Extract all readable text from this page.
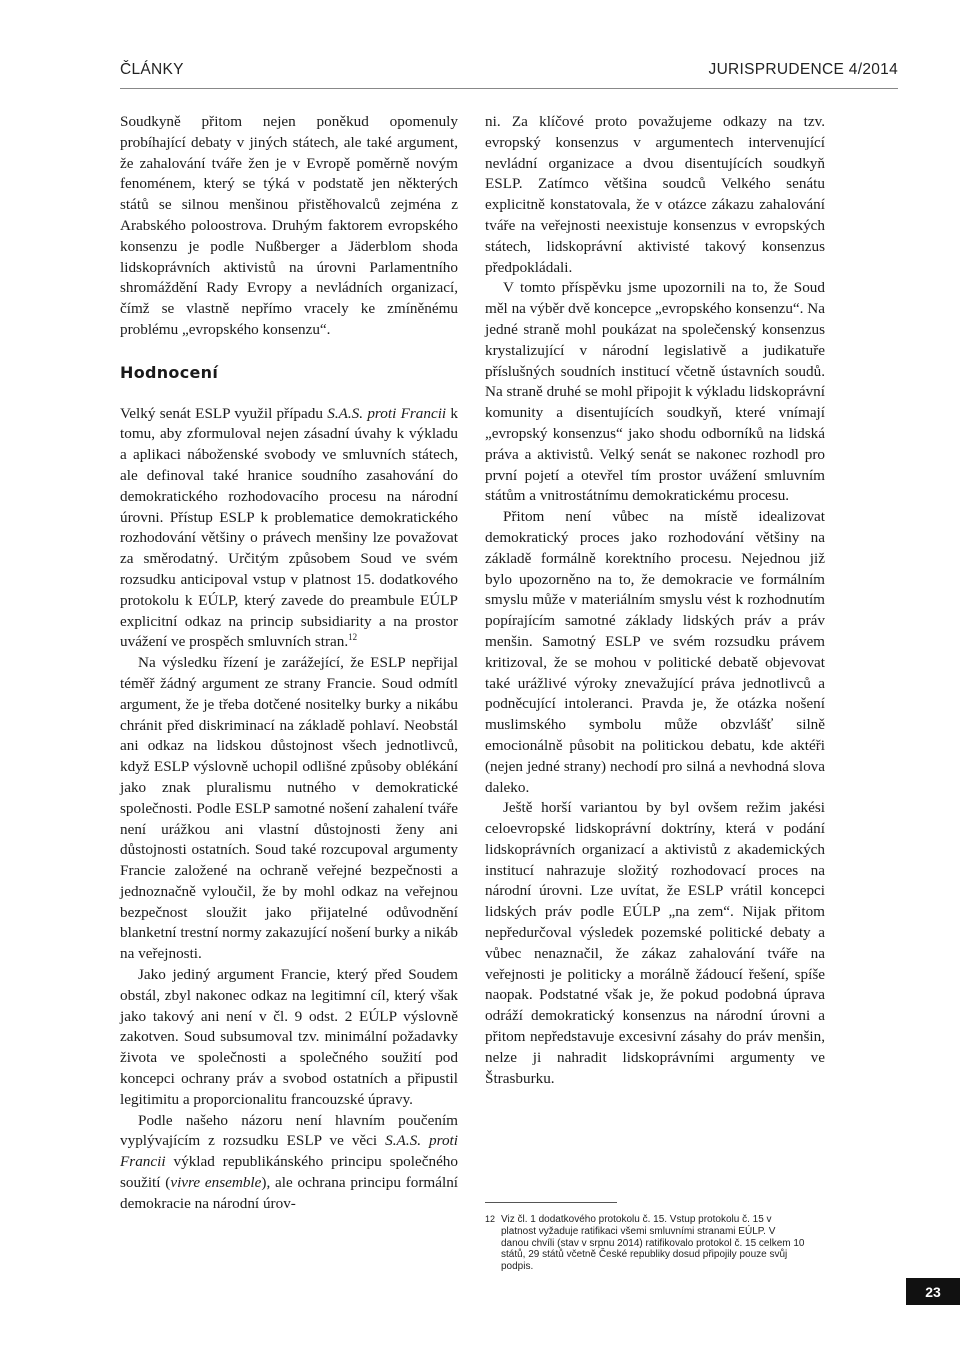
ČLÁNKY	JURISPRUDENCE 4/2014

Soudkyně přitom nejen poněkud opomenuly probíhající debaty v jiných státech, ale také argument, že zahalování tváře žen je v Evropě poměrně novým fenoménem, který se týká v podstatě jen některých států se silnou menšinou přistěhovalců zejména z Arabského poloostrova. Druhým faktorem evropského konsenzu je podle Nußberger a Jäderblom shoda lidskoprávních aktivistů na úrovni Parlamentního shromáždění Rady Evropy a nevládních organizací, čímž se vlastně nepřímo vracely ke zmíněnému problému „evropského konsenzu“.

Hodnocení

Velký senát ESLP využil případu S.A.S. proti Francii k tomu, aby zformuloval nejen zásadní úvahy k výkladu a aplikaci náboženské svobody ve smluvních státech, ale definoval také hranice soudního zasahování do demokratického rozhodovacího procesu na národní úrovni. Přístup ESLP k problematice demokratického rozhodování většiny o právech menšiny lze považovat za směrodatný. Určitým způsobem Soud ve svém rozsudku anticipoval vstup v platnost 15. dodatkového protokolu k EÚLP, který zavede do preambule EÚLP explicitní odkaz na princip subsidiarity a na prostor uvážení ve prospěch smluvních stran.$^{12}$

Na výsledku řízení je zarážející, že ESLP nepřijal téměř žádný argument ze strany Francie. Soud odmítl argument, že je třeba dotčené nositelky burky a nikábu chránit před diskriminací na základě pohlaví. Neobstál ani odkaz na lidskou důstojnost všech jednotlivců, když ESLP výslovně uchopil odlišné způsoby oblékání jako znak pluralismu nutného v demokratické společnosti. Podle ESLP samotné nošení zahalení tváře není urážkou ani vlastní důstojnosti ženy ani důstojnosti ostatních. Soud také rozcupoval argumenty Francie založené na ochraně veřejné bezpečnosti a jednoznačně vyloučil, že by mohl odkaz na veřejnou bezpečnost sloužit jako přijatelné odůvodnění blanketní trestní normy zakazující nošení burky a nikáb na veřejnosti.

Jako jediný argument Francie, který před Soudem obstál, zbyl nakonec odkaz na legitimní cíl, který však jako takový ani není v čl. 9 odst. 2 EÚLP výslovně zakotven. Soud subsumoval tzv. minimální požadavky života ve společnosti a společného soužití pod koncepci ochrany práv a svobod ostatních a připustil legitimitu a proporcionalitu francouzské úpravy.

Podle našeho názoru není hlavním poučením vyplývajícím z rozsudku ESLP ve věci S.A.S. proti Francii výklad republikánského principu společného soužití (vivre ensemble), ale ochrana principu formální demokracie na národní úrov-

ni. Za klíčové proto považujeme odkazy na tzv. evropský konsenzus v argumentech intervenující nevládní organizace a dvou disentujících soudkyň ESLP. Zatímco většina soudců Velkého senátu explicitně konstatovala, že v otázce zákazu zahalování tváře na veřejnosti neexistuje konsenzus v evropských státech, lidskoprávní aktivisté takový konsenzus předpokládali.

V tomto příspěvku jsme upozornili na to, že Soud měl na výběr dvě koncepce „evropského konsenzu“. Na jedné straně mohl poukázat na společenský konsenzus krystalizující v národní legislativě a judikatuře příslušných soudních institucí včetně ústavních soudů. Na straně druhé se mohl připojit k výkladu lidskoprávní komunity a disentujících soudkyň, které vnímají „evropský konsenzus“ jako shodu odborníků na lidská práva a aktivistů. Velký senát se nakonec rozhodl pro první pojetí a otevřel tím prostor uvážení smluvním státům a vnitrostátnímu demokratickému procesu.

Přitom není vůbec na místě idealizovat demokratický proces jako rozhodování většiny na základě formálně korektního procesu. Nejednou již bylo upozorněno na to, že demokracie ve formálním smyslu může v materiálním smyslu vést k rozhodnutím popírajícím samotné základy lidských práv a práv menšin. Samotný ESLP ve svém rozsudku právem kritizoval, že se mohou v politické debatě objevovat také urážlivé výroky znevažující práva jednotlivců a podněcující intoleranci. Pravda je, že otázka nošení muslimského symbolu může obzvlášť silně emocionálně působit na politickou debatu, kde aktéři (nejen jedné strany) nechodí pro silná a nevhodná slova daleko.

Ještě horší variantou by byl ovšem režim jakési celoevropské lidskoprávní doktríny, která v podání lidskoprávních organizací a aktivistů z akademických institucí nahrazuje složitý rozhodovací proces na národní úrovni. Lze uvítat, že ESLP vrátil koncepci lidských práv podle EÚLP „na zem“. Nijak přitom nepředurčoval výsledek pozemské politické debaty a vůbec nenaznačil, že zákaz zahalování tváře na veřejnosti je politicky a morálně žádoucí řešení, spíše naopak. Podstatné však je, že pokud podobná úprava odráží demokratický konsenzus na národní úrovni a přitom nepředstavuje excesivní zásahy do práv menšin, nelze ji nahradit lidskoprávními argumenty ve Štrasburku.

12 Viz čl. 1 dodatkového protokolu č. 15. Vstup protokolu č. 15 v platnost vyžaduje ratifikaci všemi smluvními stranami EÚLP. V danou chvíli (stav v srpnu 2014) ratifikovalo protokol č. 15 celkem 10 států, 29 států včetně České republiky dosud připojily pouze svůj podpis.
23
